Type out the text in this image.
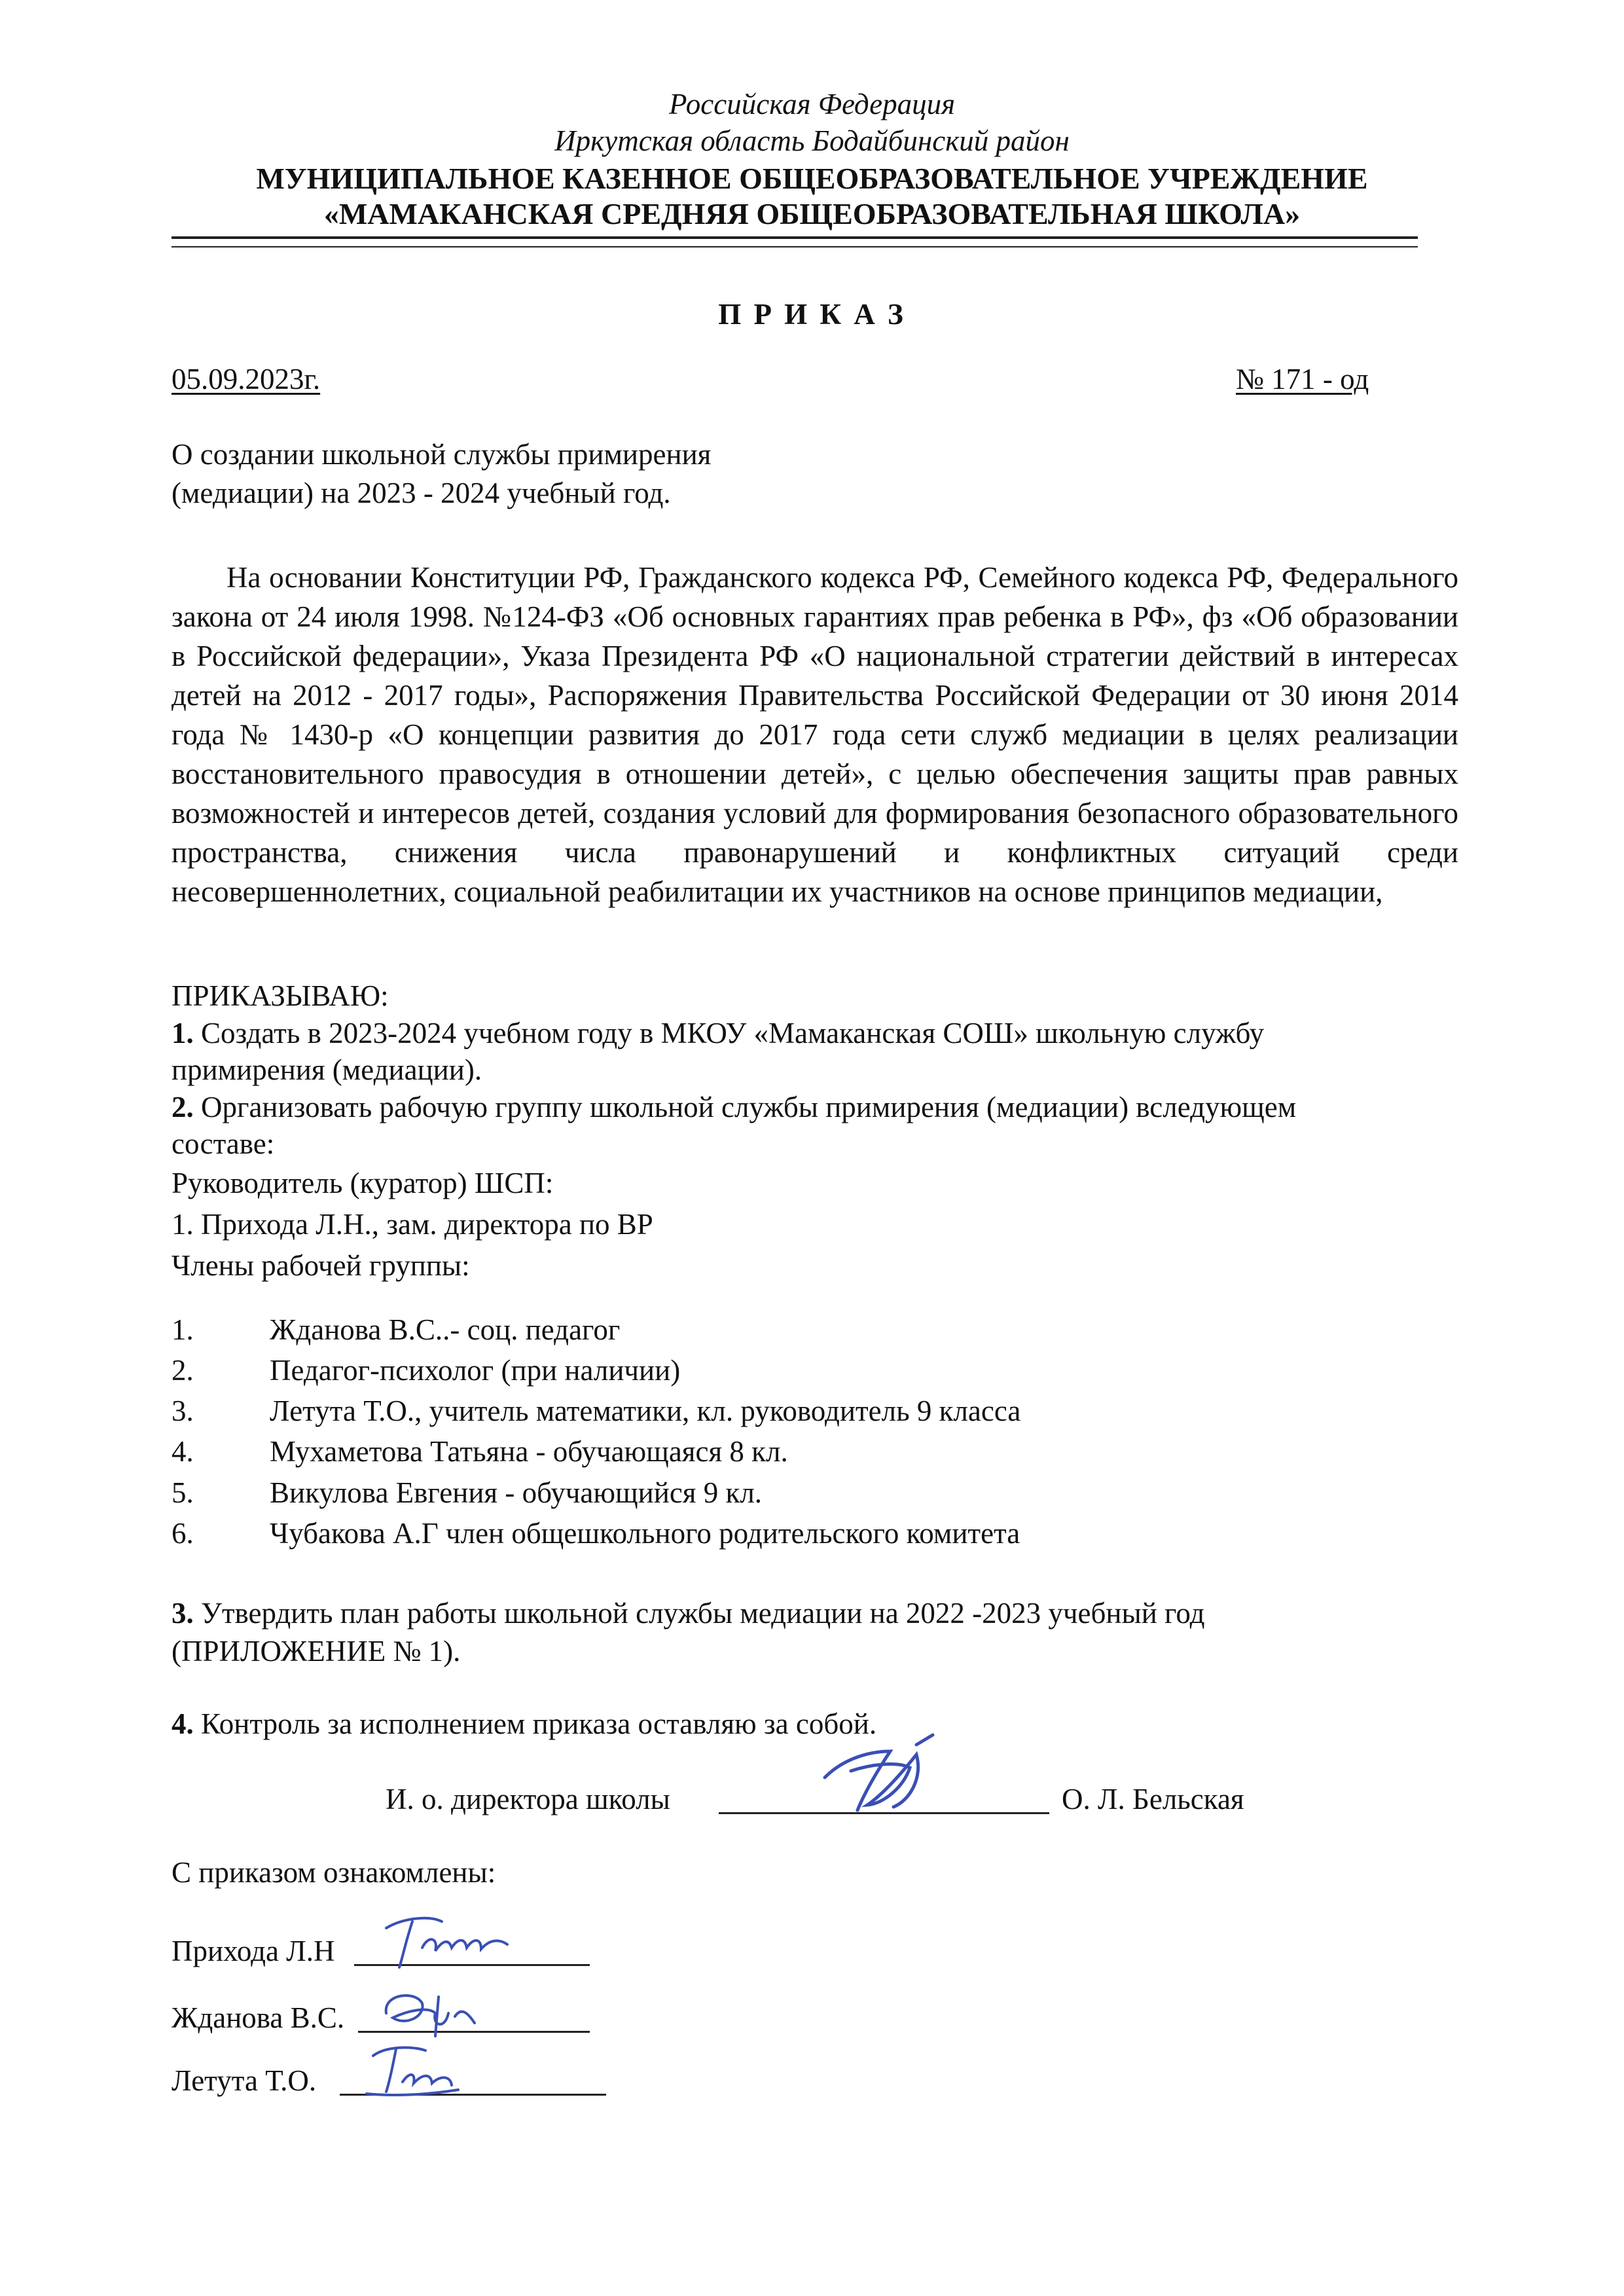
Российская Федерация
Иркутская область Бодайбинский район
МУНИЦИПАЛЬНОЕ КАЗЕННОЕ ОБЩЕОБРАЗОВАТЕЛЬНОЕ УЧРЕЖДЕНИЕ
«МАМАКАНСКАЯ СРЕДНЯЯ ОБЩЕОБРАЗОВАТЕЛЬНАЯ ШКОЛА»
П Р И К А З
05.09.2023г.	№ 171 - од
О создании школьной службы примирения
(медиации) на 2023 - 2024 учебный год.

На основании Конституции РФ, Гражданского кодекса РФ, Семейного кодекса РФ, Федерального закона от 24 июля 1998. №124-ФЗ «Об основных гарантиях прав ребенка в РФ», фз «Об образовании в Российской федерации», Указа Президента РФ «О национальной стратегии действий в интересах детей на 2012 - 2017 годы», Распоряжения Правительства Российской Федерации от 30 июня 2014 года № 1430-р «О концепции развития до 2017 года сети служб медиации в целях реализации восстановительного правосудия в отношении детей», с целью обеспечения защиты прав равных возможностей и интересов детей, создания условий для формирования безопасного образовательного пространства, снижения числа правонарушений и конфликтных ситуаций среди несовершеннолетних, социальной реабилитации их участников на основе принципов медиации,

ПРИКАЗЫВАЮ:
1. Создать в 2023-2024 учебном году в МКОУ «Мамаканская СОШ» школьную службу
примирения (медиации).
2. Организовать рабочую группу школьной службы примирения (медиации) вследующем
составе:
Руководитель (куратор) ШСП:
1. Прихода Л.Н., зам. директора по ВР
Члены рабочей группы:
1.	Жданова В.С..- соц. педагог
2.	Педагог-психолог (при наличии)
3.	Летута Т.О., учитель математики, кл. руководитель 9 класса
4.	Мухаметова Татьяна - обучающаяся 8 кл.
5.	Викулова Евгения - обучающийся 9 кл.
6.	Чубакова А.Г член общешкольного родительского комитета
3. Утвердить план работы школьной службы медиации на 2022 -2023 учебный год
(ПРИЛОЖЕНИЕ № 1).
4. Контроль за исполнением приказа оставляю за собой.
И. о. директора школы	О. Л. Бельская
С приказом ознакомлены:
Прихода Л.Н
Жданова В.С.
Летута Т.О.
